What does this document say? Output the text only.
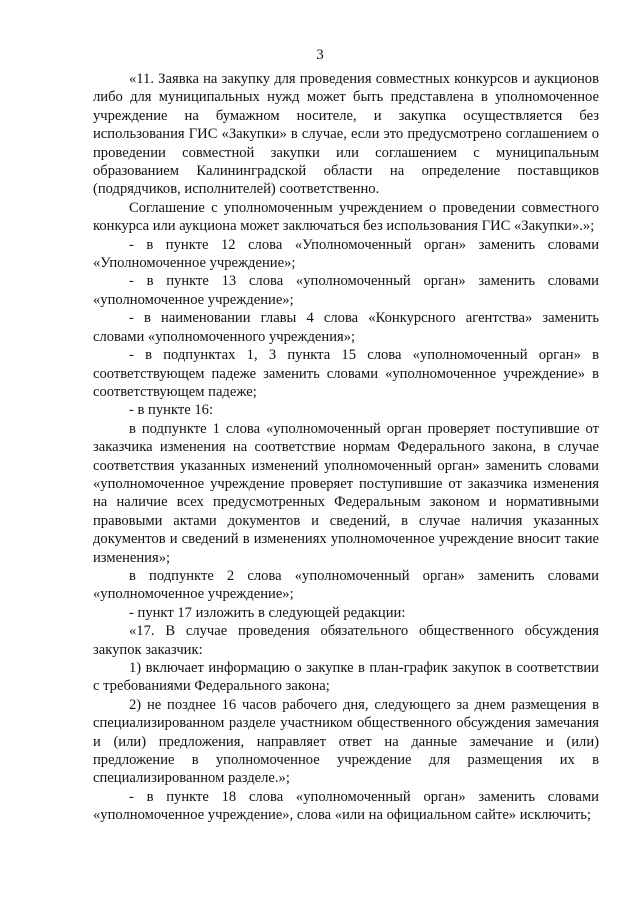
3

«11. Заявка на закупку для проведения совместных конкурсов и аукционов либо для муниципальных нужд может быть представлена в уполномоченное учреждение на бумажном носителе, и закупка осуществляется без использования ГИС «Закупки» в случае, если это предусмотрено соглашением о проведении совместной закупки или соглашением с муниципальным образованием Калининградской области на определение поставщиков (подрядчиков, исполнителей) соответственно.

Соглашение с уполномоченным учреждением о проведении совместного конкурса или аукциона может заключаться без использования ГИС «Закупки».»;

- в пункте 12 слова «Уполномоченный орган» заменить словами «Уполномоченное учреждение»;

- в пункте 13 слова «уполномоченный орган» заменить словами «уполномоченное учреждение»;

- в наименовании главы 4 слова «Конкурсного агентства» заменить словами «уполномоченного учреждения»;

- в подпунктах 1, 3 пункта 15 слова «уполномоченный орган» в соответствующем падеже заменить словами «уполномоченное учреждение» в соответствующем падеже;

- в пункте 16:

в подпункте 1 слова «уполномоченный орган проверяет поступившие от заказчика изменения на соответствие нормам Федерального закона, в случае соответствия указанных изменений уполномоченный орган» заменить словами «уполномоченное учреждение проверяет поступившие от заказчика изменения на наличие всех предусмотренных Федеральным законом и нормативными правовыми актами документов и сведений, в случае наличия указанных документов и сведений в изменениях уполномоченное учреждение вносит такие изменения»;

в подпункте 2 слова «уполномоченный орган» заменить словами «уполномоченное учреждение»;

- пункт 17 изложить в следующей редакции:

«17. В случае проведения обязательного общественного обсуждения закупок заказчик:

1) включает информацию о закупке в план-график закупок в соответствии с требованиями Федерального закона;

2) не позднее 16 часов рабочего дня, следующего за днем размещения в специализированном разделе участником общественного обсуждения замечания и (или) предложения, направляет ответ на данные замечание и (или) предложение в уполномоченное учреждение для размещения их в специализированном разделе.»;

- в пункте 18 слова «уполномоченный орган» заменить словами «уполномоченное учреждение», слова «или на официальном сайте» исключить;
